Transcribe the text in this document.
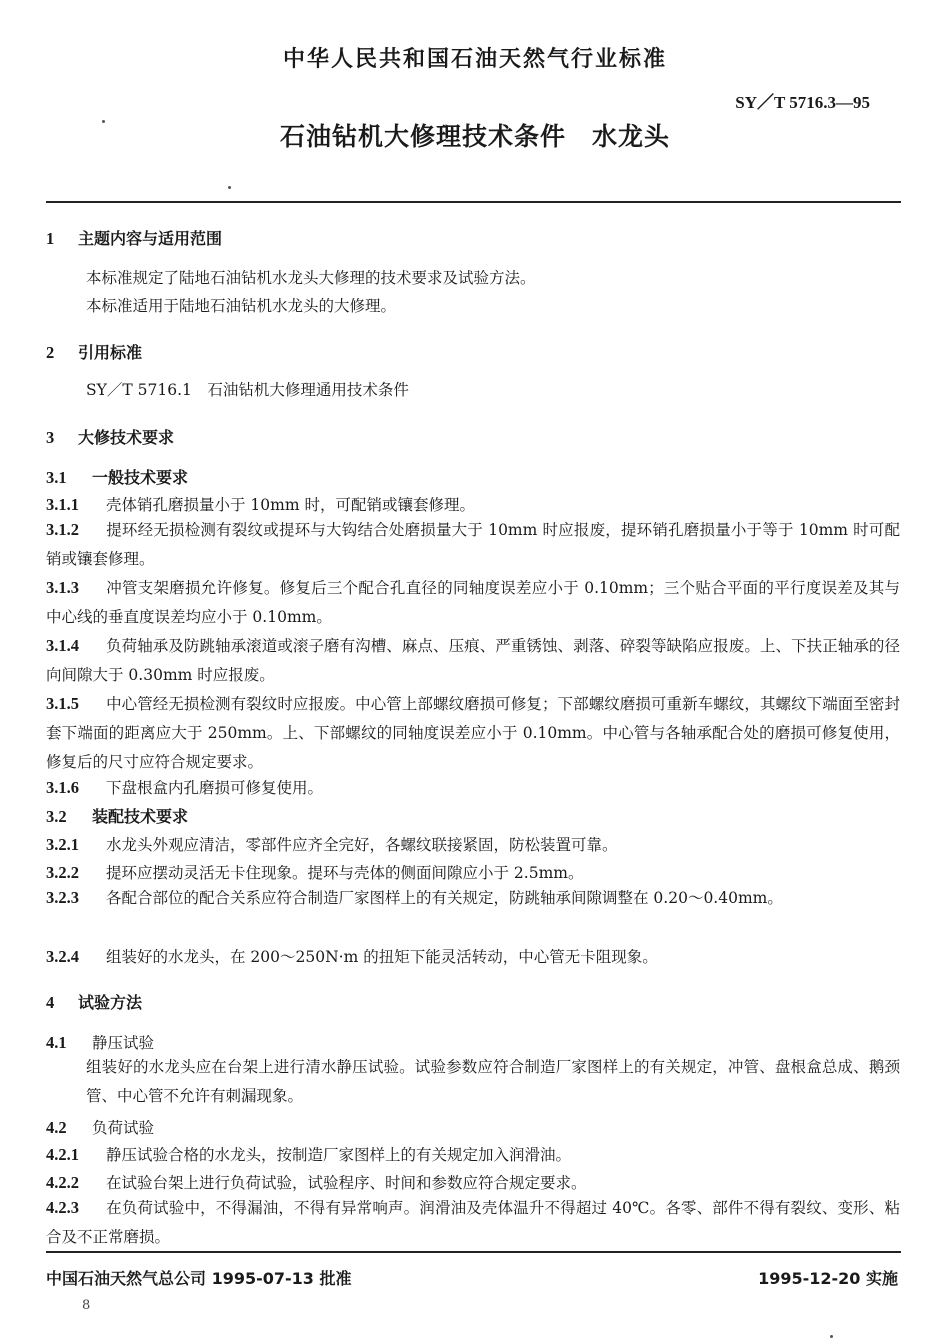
中华人民共和国石油天然气行业标准
SY／T 5716.3—95
石油钻机大修理技术条件　水龙头
1 主题内容与适用范围
本标准规定了陆地石油钻机水龙头大修理的技术要求及试验方法。
本标准适用于陆地石油钻机水龙头的大修理。
2 引用标准
SY／T 5716.1　石油钻机大修理通用技术条件
3 大修技术要求
3.1 一般技术要求
3.1.1 壳体销孔磨损量小于 10mm 时，可配销或镶套修理。
3.1.2 提环经无损检测有裂纹或提环与大钩结合处磨损量大于 10mm 时应报废，提环销孔磨损量小于等于 10mm 时可配销或镶套修理。
3.1.3 冲管支架磨损允许修复。修复后三个配合孔直径的同轴度误差应小于 0.10mm；三个贴合平面的平行度误差及其与中心线的垂直度误差均应小于 0.10mm。
3.1.4 负荷轴承及防跳轴承滚道或滚子磨有沟槽、麻点、压痕、严重锈蚀、剥落、碎裂等缺陷应报废。上、下扶正轴承的径向间隙大于 0.30mm 时应报废。
3.1.5 中心管经无损检测有裂纹时应报废。中心管上部螺纹磨损可修复；下部螺纹磨损可重新车螺纹，其螺纹下端面至密封套下端面的距离应大于 250mm。上、下部螺纹的同轴度误差应小于 0.10mm。中心管与各轴承配合处的磨损可修复使用，修复后的尺寸应符合规定要求。
3.1.6 下盘根盒内孔磨损可修复使用。
3.2 装配技术要求
3.2.1 水龙头外观应清洁，零部件应齐全完好，各螺纹联接紧固，防松装置可靠。
3.2.2 提环应摆动灵活无卡住现象。提环与壳体的侧面间隙应小于 2.5mm。
3.2.3 各配合部位的配合关系应符合制造厂家图样上的有关规定，防跳轴承间隙调整在 0.20～0.40mm。
3.2.4 组装好的水龙头，在 200～250N·m 的扭矩下能灵活转动，中心管无卡阻现象。
4 试验方法
4.1 静压试验
组装好的水龙头应在台架上进行清水静压试验。试验参数应符合制造厂家图样上的有关规定，冲管、盘根盒总成、鹅颈管、中心管不允许有刺漏现象。
4.2 负荷试验
4.2.1 静压试验合格的水龙头，按制造厂家图样上的有关规定加入润滑油。
4.2.2 在试验台架上进行负荷试验，试验程序、时间和参数应符合规定要求。
4.2.3 在负荷试验中，不得漏油，不得有异常响声。润滑油及壳体温升不得超过 40℃。各零、部件不得有裂纹、变形、粘合及不正常磨损。
中国石油天然气总公司 1995-07-13 批准	1995-12-20 实施
8
